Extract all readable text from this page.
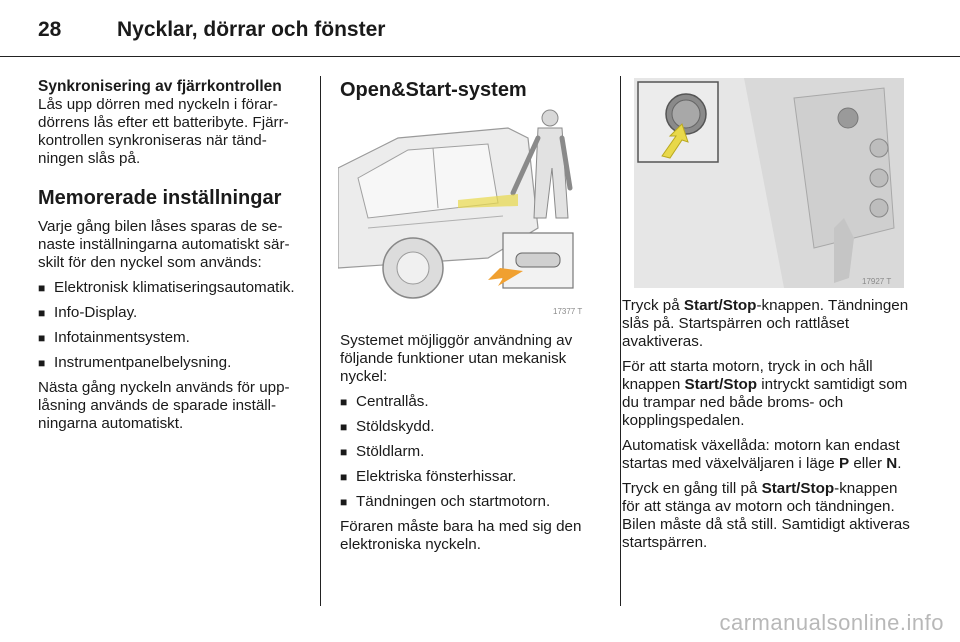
28	Nycklar, dörrar och fönster

Synkronisering av fjärrkontrollen

Lås upp dörren med nyckeln i förardörrens lås efter ett batteribyte. Fjärrkontrollen synkroniseras när tändningen slås på.

Memorerade inställningar

Varje gång bilen låses sparas de senaste inställningarna automatiskt särskilt för den nyckel som används:

■ Elektronisk klimatiseringsautomatik.
■ Info-Display.
■ Infotainmentsystem.
■ Instrumentpanelbelysning.

Nästa gång nyckeln används för upplåsning används de sparade inställningarna automatiskt.

Open&Start-system

Systemet möjliggör användning av följande funktioner utan mekanisk nyckel:

■ Centrallås.
■ Stöldskydd.
■ Stöldlarm.
■ Elektriska fönsterhissar.
■ Tändningen och startmotorn.

Föraren måste bara ha med sig den elektroniska nyckeln.

17377 T
17927 T

Tryck på Start/Stop-knappen. Tändningen slås på. Startspärren och rattlåset avaktiveras.

För att starta motorn, tryck in och håll knappen Start/Stop intryckt samtidigt som du trampar ned både broms- och kopplingspedalen.

Automatisk växellåda: motorn kan endast startas med växelväljaren i läge P eller N.

Tryck en gång till på Start/Stop-knappen för att stänga av motorn och tändningen. Bilen måste då stå still. Samtidigt aktiveras startspärren.

carmanualsonline.info
